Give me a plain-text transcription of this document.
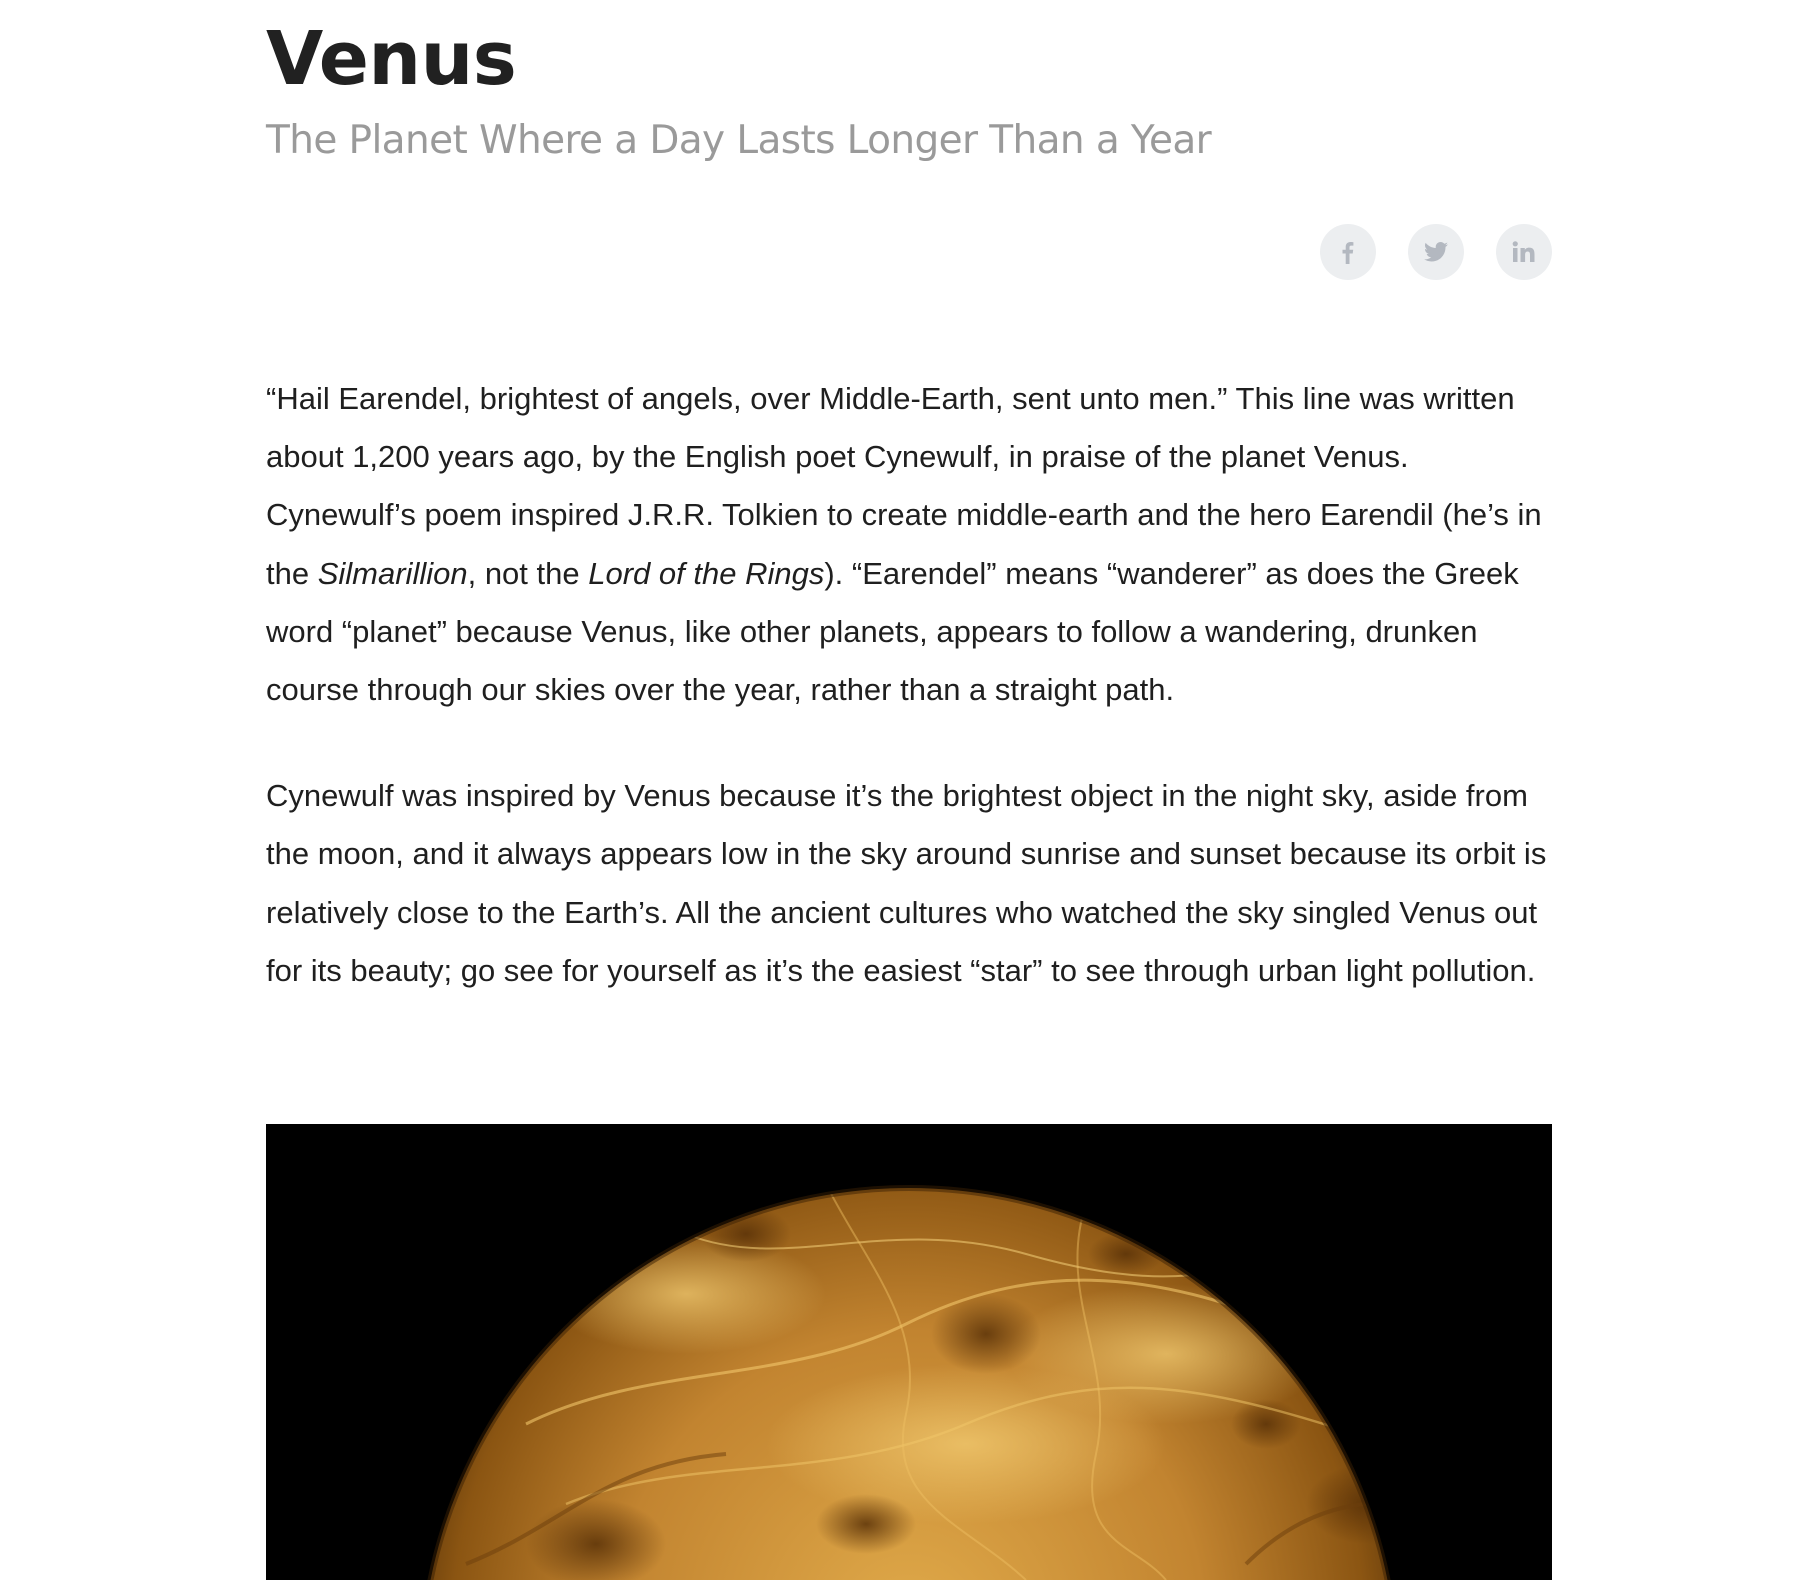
Venus
The Planet Where a Day Lasts Longer Than a Year

“Hail Earendel, brightest of angels, over Middle-Earth, sent unto men.” This line was written about 1,200 years ago, by the English poet Cynewulf, in praise of the planet Venus. Cynewulf’s poem inspired J.R.R. Tolkien to create middle-earth and the hero Earendil (he’s in the Silmarillion, not the Lord of the Rings). “Earendel” means “wanderer” as does the Greek word “planet” because Venus, like other planets, appears to follow a wandering, drunken course through our skies over the year, rather than a straight path.

Cynewulf was inspired by Venus because it’s the brightest object in the night sky, aside from the moon, and it always appears low in the sky around sunrise and sunset because its orbit is relatively close to the Earth’s. All the ancient cultures who watched the sky singled Venus out for its beauty; go see for yourself as it’s the easiest “star” to see through urban light pollution.
